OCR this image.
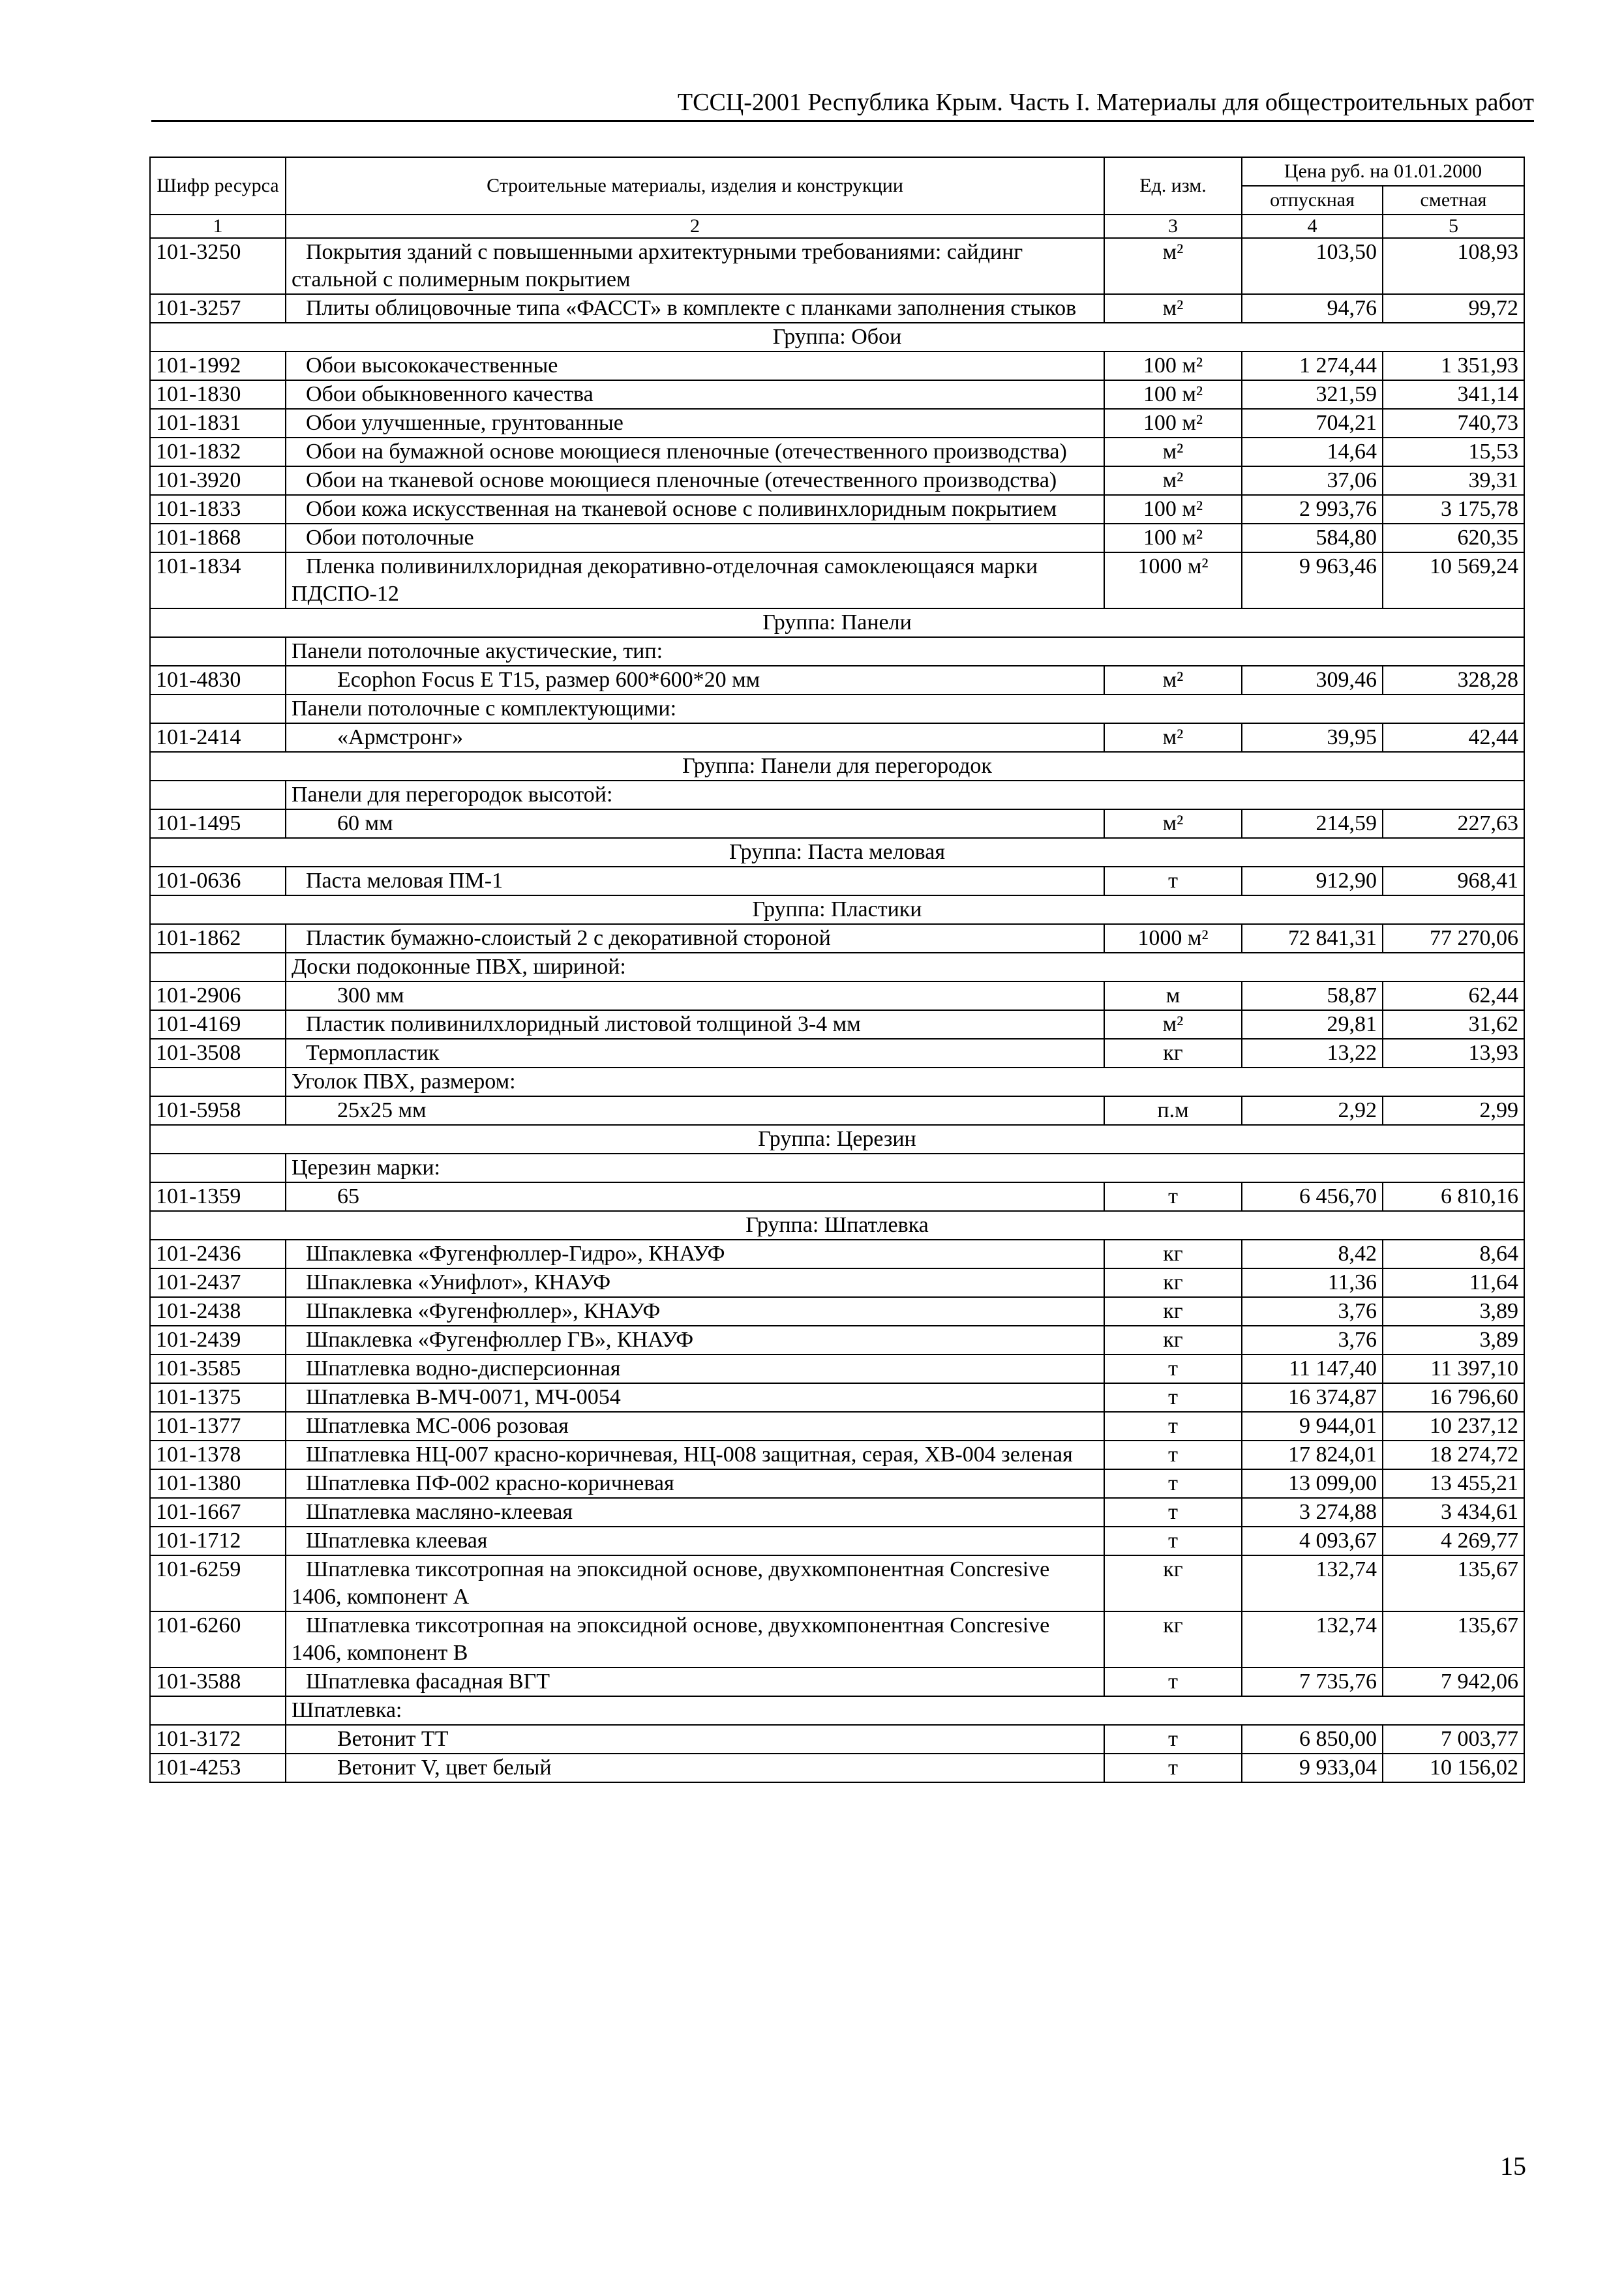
ТССЦ-2001 Республика Крым. Часть I. Материалы для общестроительных работ
Шифр ресурса	Строительные материалы, изделия и конструкции	Ед. изм.	Цена руб. на 01.01.2000	
			отпускная	сметная
1	2	3	4	5
101-3250	Покрытия зданий с повышенными архитектурными требованиями: сайдинг стальной с полимерным покрытием	м²	103,50	108,93
101-3257	Плиты облицовочные типа «ФАССТ» в комплекте с планками заполнения стыков	м²	94,76	99,72
Группа: Обои				
101-1992	Обои высококачественные	100 м²	1 274,44	1 351,93
101-1830	Обои обыкновенного качества	100 м²	321,59	341,14
101-1831	Обои улучшенные, грунтованные	100 м²	704,21	740,73
101-1832	Обои на бумажной основе моющиеся пленочные (отечественного производства)	м²	14,64	15,53
101-3920	Обои на тканевой основе моющиеся пленочные (отечественного производства)	м²	37,06	39,31
101-1833	Обои кожа искусственная на тканевой основе с поливинхлоридным покрытием	100 м²	2 993,76	3 175,78
101-1868	Обои потолочные	100 м²	584,80	620,35
101-1834	Пленка поливинилхлоридная декоративно-отделочная самоклеющаяся марки ПДСПО-12	1000 м²	9 963,46	10 569,24
Группа: Панели				
	Панели потолочные акустические, тип:			
101-4830	Ecophon Focus E T15, размер 600*600*20 мм	м²	309,46	328,28
	Панели потолочные с комплектующими:			
101-2414	«Армстронг»	м²	39,95	42,44
Группа: Панели для перегородок				
	Панели для перегородок высотой:			
101-1495	60 мм	м²	214,59	227,63
Группа: Паста меловая				
101-0636	Паста меловая ПМ-1	т	912,90	968,41
Группа: Пластики				
101-1862	Пластик бумажно-слоистый 2 с декоративной стороной	1000 м²	72 841,31	77 270,06
	Доски подоконные ПВХ, шириной:			
101-2906	300 мм	м	58,87	62,44
101-4169	Пластик поливинилхлоридный листовой толщиной 3-4 мм	м²	29,81	31,62
101-3508	Термопластик	кг	13,22	13,93
	Уголок ПВХ, размером:			
101-5958	25x25 мм	п.м	2,92	2,99
Группа: Церезин				
	Церезин марки:			
101-1359	65	т	6 456,70	6 810,16
Группа: Шпатлевка				
101-2436	Шпаклевка «Фугенфюллер-Гидро», КНАУФ	кг	8,42	8,64
101-2437	Шпаклевка «Унифлот», КНАУФ	кг	11,36	11,64
101-2438	Шпаклевка «Фугенфюллер», КНАУФ	кг	3,76	3,89
101-2439	Шпаклевка «Фугенфюллер ГВ», КНАУФ	кг	3,76	3,89
101-3585	Шпатлевка водно-дисперсионная	т	11 147,40	11 397,10
101-1375	Шпатлевка В-МЧ-0071, МЧ-0054	т	16 374,87	16 796,60
101-1377	Шпатлевка МС-006 розовая	т	9 944,01	10 237,12
101-1378	Шпатлевка НЦ-007 красно-коричневая, НЦ-008 защитная, серая, ХВ-004 зеленая	т	17 824,01	18 274,72
101-1380	Шпатлевка ПФ-002 красно-коричневая	т	13 099,00	13 455,21
101-1667	Шпатлевка масляно-клеевая	т	3 274,88	3 434,61
101-1712	Шпатлевка клеевая	т	4 093,67	4 269,77
101-6259	Шпатлевка тиксотропная на эпоксидной основе, двухкомпонентная Concresive 1406, компонент А	кг	132,74	135,67
101-6260	Шпатлевка тиксотропная на эпоксидной основе, двухкомпонентная Concresive 1406, компонент В	кг	132,74	135,67
101-3588	Шпатлевка фасадная ВГТ	т	7 735,76	7 942,06
	Шпатлевка:			
101-3172	Ветонит ТТ	т	6 850,00	7 003,77
101-4253	Ветонит V, цвет белый	т	9 933,04	10 156,02
15
